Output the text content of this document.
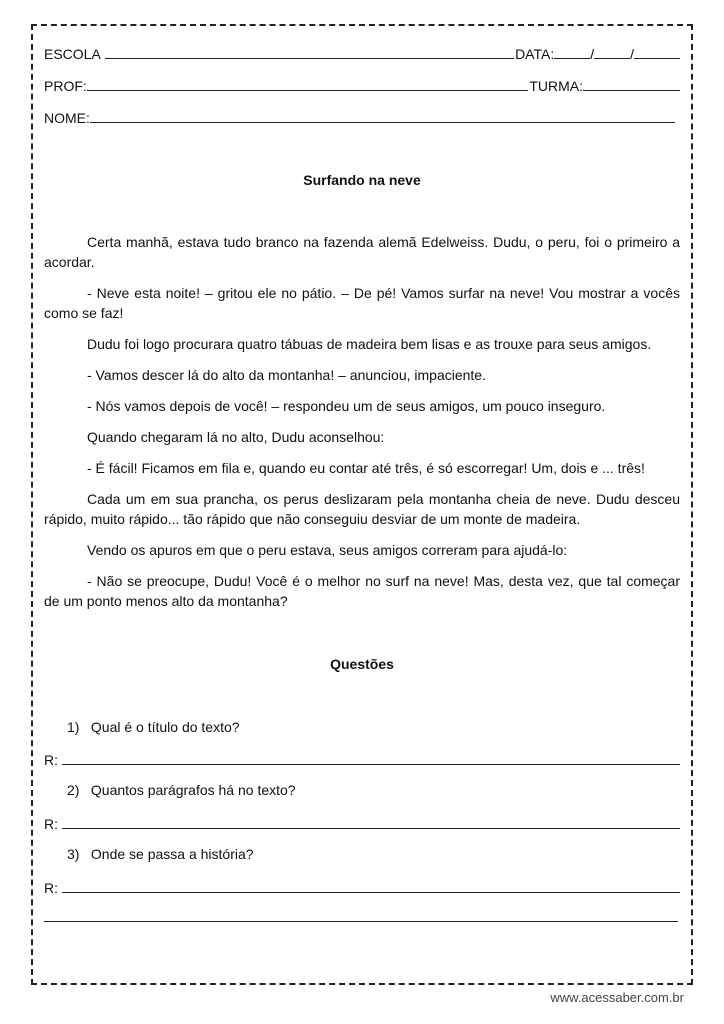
ESCOLA	DATA:	/	/
PROF:	TURMA:
NOME:
Surfando na neve

Certa manhã, estava tudo branco na fazenda alemã Edelweiss. Dudu, o peru, foi o primeiro a acordar.

- Neve esta noite! – gritou ele no pátio. – De pé! Vamos surfar na neve! Vou mostrar a vocês como se faz!

Dudu foi logo procurara quatro tábuas de madeira bem lisas e as trouxe para seus amigos.

- Vamos descer lá do alto da montanha! – anunciou, impaciente.

- Nós vamos depois de você! – respondeu um de seus amigos, um pouco inseguro.

Quando chegaram lá no alto, Dudu aconselhou:

- É fácil! Ficamos em fila e, quando eu contar até três, é só escorregar! Um, dois e ... três!

Cada um em sua prancha, os perus deslizaram pela montanha cheia de neve. Dudu desceu rápido, muito rápido... tão rápido que não conseguiu desviar de um monte de madeira.

Vendo os apuros em que o peru estava, seus amigos correram para ajudá-lo:

- Não se preocupe, Dudu! Você é o melhor no surf na neve! Mas, desta vez, que tal começar de um ponto menos alto da montanha?

Questões
1) Qual é o título do texto?
R:
2) Quantos parágrafos há no texto?
R:
3) Onde se passa a história?
R:
www.acessaber.com.br
